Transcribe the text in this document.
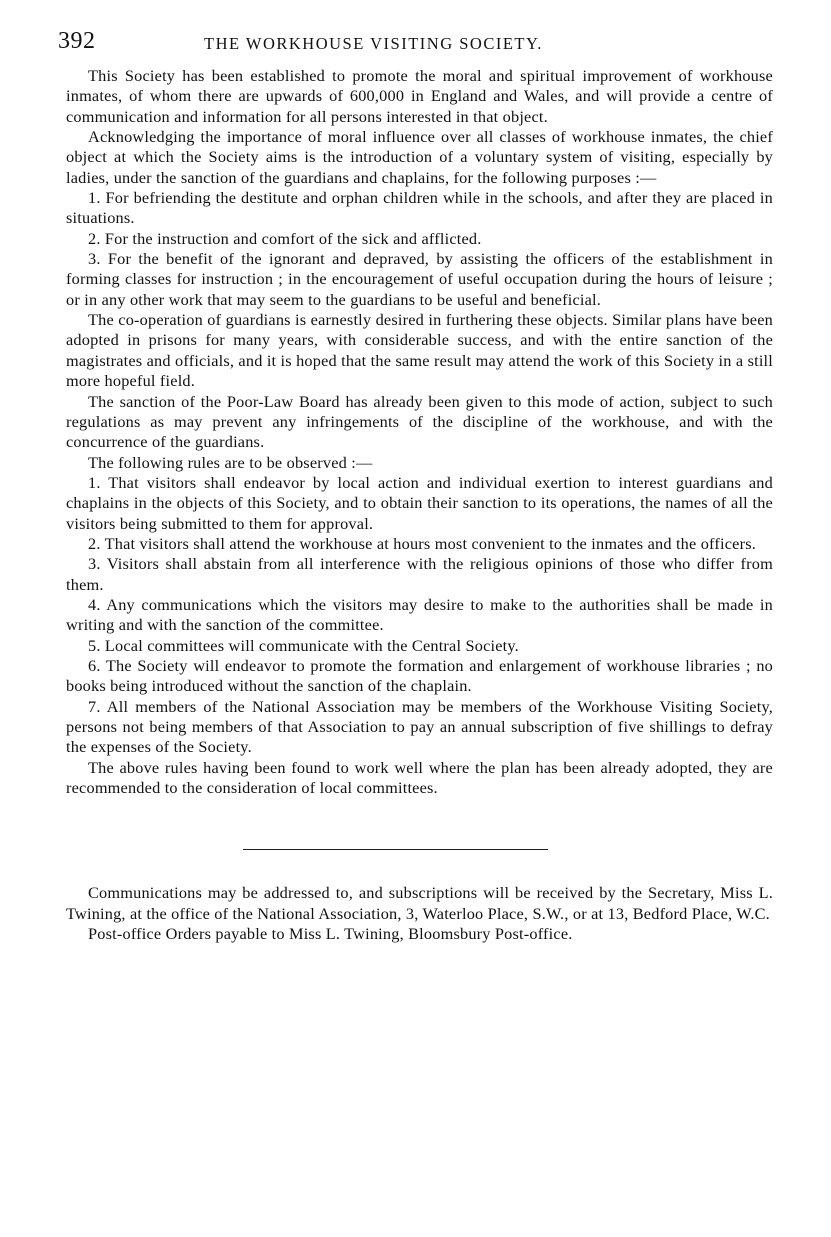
392	THE WORKHOUSE VISITING SOCIETY.

This Society has been established to promote the moral and spiritual improvement of workhouse inmates, of whom there are upwards of 600,000 in England and Wales, and will provide a centre of communication and information for all persons interested in that object.

Acknowledging the importance of moral influence over all classes of workhouse inmates, the chief object at which the Society aims is the introduction of a voluntary system of visiting, especially by ladies, under the sanction of the guardians and chaplains, for the following purposes :—

1. For befriending the destitute and orphan children while in the schools, and after they are placed in situations.

2. For the instruction and comfort of the sick and afflicted.

3. For the benefit of the ignorant and depraved, by assisting the officers of the establishment in forming classes for instruction ; in the encouragement of useful occupation during the hours of leisure ; or in any other work that may seem to the guardians to be useful and beneficial.

The co-operation of guardians is earnestly desired in furthering these objects. Similar plans have been adopted in prisons for many years, with considerable success, and with the entire sanction of the magistrates and officials, and it is hoped that the same result may attend the work of this Society in a still more hopeful field.

The sanction of the Poor-Law Board has already been given to this mode of action, subject to such regulations as may prevent any infringements of the discipline of the workhouse, and with the concurrence of the guardians.

The following rules are to be observed :—

1. That visitors shall endeavor by local action and individual exertion to interest guardians and chaplains in the objects of this Society, and to obtain their sanction to its operations, the names of all the visitors being submitted to them for approval.

2. That visitors shall attend the workhouse at hours most convenient to the inmates and the officers.

3. Visitors shall abstain from all interference with the religious opinions of those who differ from them.

4. Any communications which the visitors may desire to make to the authorities shall be made in writing and with the sanction of the committee.

5. Local committees will communicate with the Central Society.

6. The Society will endeavor to promote the formation and enlargement of workhouse libraries ; no books being introduced without the sanction of the chaplain.

7. All members of the National Association may be members of the Workhouse Visiting Society, persons not being members of that Association to pay an annual subscription of five shillings to defray the expenses of the Society.

The above rules having been found to work well where the plan has been already adopted, they are recommended to the consideration of local committees.

Communications may be addressed to, and subscriptions will be received by the Secretary, Miss L. Twining, at the office of the National Association, 3, Waterloo Place, S.W., or at 13, Bedford Place, W.C.

Post-office Orders payable to Miss L. Twining, Bloomsbury Post-office.
